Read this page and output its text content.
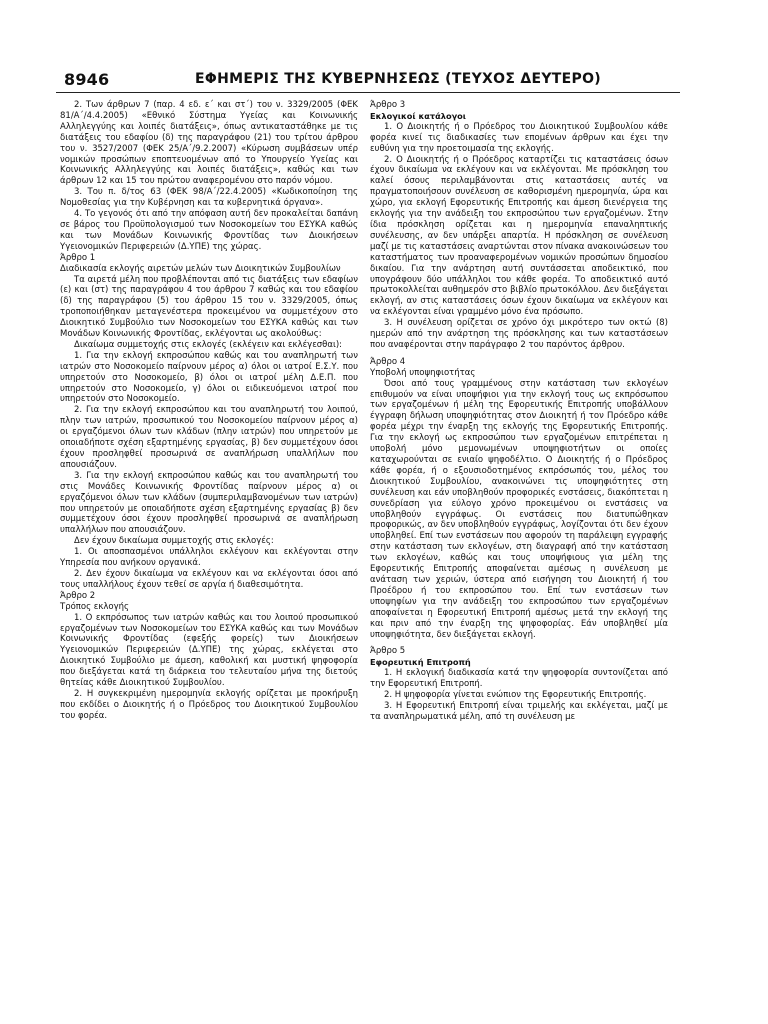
8946	ΕΦΗΜΕΡΙΣ ΤΗΣ ΚΥΒΕΡΝΗΣΕΩΣ (ΤΕΥΧΟΣ ΔΕΥΤΕΡΟ)

2. Των άρθρων 7 (παρ. 4 εδ. ε΄ και στ΄) του ν. 3329/2005 (ΦΕΚ 81/Α΄/4.4.2005) «Εθνικό Σύστημα Υγείας και Κοινωνικής Αλληλεγγύης και λοιπές διατάξεις», όπως αντικαταστάθηκε με τις διατάξεις του εδαφίου (δ) της παραγράφου (21) του τρίτου άρθρου του ν. 3527/2007 (ΦΕΚ 25/Α΄/9.2.2007) «Κύρωση συμβάσεων υπέρ νομικών προσώπων εποπτευομένων από το Υπουργείο Υγείας και Κοινωνικής Αλληλεγγύης και λοιπές διατάξεις», καθώς και των άρθρων 12 και 15 του πρώτου αναφερομένου στο παρόν νόμου.

3. Του π. δ/τος 63 (ΦΕΚ 98/Α΄/22.4.2005) «Κωδικοποίηση της Νομοθεσίας για την Κυβέρνηση και τα κυβερνητικά όργανα».

4. Το γεγονός ότι από την απόφαση αυτή δεν προκαλείται δαπάνη σε βάρος του Προϋπολογισμού των Νοσοκομείων του ΕΣΥΚΑ καθώς και των Μονάδων Κοινωνικής Φροντίδας των Διοικήσεων Υγειονομικών Περιφερειών (Δ.ΥΠΕ) της χώρας.

Άρθρο 1

Διαδικασία εκλογής αιρετών μελών των Διοικητικών Συμβουλίων

Τα αιρετά μέλη που προβλέπονται από τις διατάξεις των εδαφίων (ε) και (στ) της παραγράφου 4 του άρθρου 7 καθώς και του εδαφίου (δ) της παραγράφου (5) του άρθρου 15 του ν. 3329/2005, όπως τροποποιήθηκαν μεταγενέστερα προκειμένου να συμμετέχουν στο Διοικητικό Συμβούλιο των Νοσοκομείων του ΕΣΥΚΑ καθώς και των Μονάδων Κοινωνικής Φροντίδας, εκλέγονται ως ακολούθως:

Δικαίωμα συμμετοχής στις εκλογές (εκλέγειν και εκλέγεσθαι):

1. Για την εκλογή εκπροσώπου καθώς και του αναπληρωτή των ιατρών στο Νοσοκομείο παίρνουν μέρος α) όλοι οι ιατροί Ε.Σ.Υ. που υπηρετούν στο Νοσοκομείο, β) όλοι οι ιατροί μέλη Δ.Ε.Π. που υπηρετούν στο Νοσοκομείο, γ) όλοι οι ειδικευόμενοι ιατροί που υπηρετούν στο Νοσοκομείο.

2. Για την εκλογή εκπροσώπου και του αναπληρωτή του λοιπού, πλην των ιατρών, προσωπικού του Νοσοκομείου παίρνουν μέρος α) οι εργαζόμενοι όλων των κλάδων (πλην ιατρών) που υπηρετούν με οποιαδήποτε σχέση εξαρτημένης εργασίας, β) δεν συμμετέχουν όσοι έχουν προσληφθεί προσωρινά σε αναπλήρωση υπαλλήλων που απουσιάζουν.

3. Για την εκλογή εκπροσώπου καθώς και του αναπληρωτή του στις Μονάδες Κοινωνικής Φροντίδας παίρνουν μέρος α) οι εργαζόμενοι όλων των κλάδων (συμπεριλαμβανομένων των ιατρών) που υπηρετούν με οποιαδήποτε σχέση εξαρτημένης εργασίας β) δεν συμμετέχουν όσοι έχουν προσληφθεί προσωρινά σε αναπλήρωση υπαλλήλων που απουσιάζουν.

Δεν έχουν δικαίωμα συμμετοχής στις εκλογές:

1. Οι αποσπασμένοι υπάλληλοι εκλέγουν και εκλέγονται στην Υπηρεσία που ανήκουν οργανικά.

2. Δεν έχουν δικαίωμα να εκλέγουν και να εκλέγονται όσοι από τους υπαλλήλους έχουν τεθεί σε αργία ή διαθεσιμότητα.

Άρθρο 2

Τρόπος εκλογής

1. Ο εκπρόσωπος των ιατρών καθώς και του λοιπού προσωπικού εργαζομένων των Νοσοκομείων του ΕΣΥΚΑ καθώς και των Μονάδων Κοινωνικής Φροντίδας (εφεξής φορείς) των Διοικήσεων Υγειονομικών Περιφερειών (Δ.ΥΠΕ) της χώρας, εκλέγεται στο Διοικητικό Συμβούλιο με άμεση, καθολική και μυστική ψηφοφορία που διεξάγεται κατά τη διάρκεια του τελευταίου μήνα της διετούς θητείας κάθε Διοικητικού Συμβουλίου.

2. Η συγκεκριμένη ημερομηνία εκλογής ορίζεται με προκήρυξη που εκδίδει ο Διοικητής ή ο Πρόεδρος του Διοικητικού Συμβουλίου του φορέα.

Άρθρο 3

Εκλογικοί κατάλογοι

1. Ο Διοικητής ή ο Πρόεδρος του Διοικητικού Συμβουλίου κάθε φορέα κινεί τις διαδικασίες των επομένων άρθρων και έχει την ευθύνη για την προετοιμασία της εκλογής.

2. Ο Διοικητής ή ο Πρόεδρος καταρτίζει τις καταστάσεις όσων έχουν δικαίωμα να εκλέγουν και να εκλέγονται. Με πρόσκληση του καλεί όσους περιλαμβάνονται στις καταστάσεις αυτές να πραγματοποιήσουν συνέλευση σε καθορισμένη ημερομηνία, ώρα και χώρο, για εκλογή Εφορευτικής Επιτροπής και άμεση διενέργεια της εκλογής για την ανάδειξη του εκπροσώπου των εργαζομένων. Στην ίδια πρόσκληση ορίζεται και η ημερομηνία επαναληπτικής συνέλευσης, αν δεν υπάρξει απαρτία. Η πρόσκληση σε συνέλευση μαζί με τις καταστάσεις αναρτώνται στον πίνακα ανακοινώσεων του καταστήματος των προαναφερομένων νομικών προσώπων δημοσίου δικαίου. Για την ανάρτηση αυτή συντάσσεται αποδεικτικό, που υπογράφουν δύο υπάλληλοι του κάθε φορέα. Το αποδεικτικό αυτό πρωτοκολλείται αυθημερόν στο βιβλίο πρωτοκόλλου. Δεν διεξάγεται εκλογή, αν στις καταστάσεις όσων έχουν δικαίωμα να εκλέγουν και να εκλέγονται είναι γραμμένο μόνο ένα πρόσωπο.

3. Η συνέλευση ορίζεται σε χρόνο όχι μικρότερο των οκτώ (8) ημερών από την ανάρτηση της πρόσκλησης και των καταστάσεων που αναφέρονται στην παράγραφο 2 του παρόντος άρθρου.

Άρθρο 4

Υποβολή υποψηφιοτήτας

Όσοι από τους γραμμένους στην κατάσταση των εκλογέων επιθυμούν να είναι υποψήφιοι για την εκλογή τους ως εκπρόσωπου των εργαζομένων ή μέλη της Εφορευτικής Επιτροπής υποβάλλουν έγγραφη δήλωση υποψηφιότητας στον Διοικητή ή τον Πρόεδρο κάθε φορέα μέχρι την έναρξη της εκλογής της Εφορευτικής Επιτροπής. Για την εκλογή ως εκπροσώπου των εργαζομένων επιτρέπεται η υποβολή μόνο μεμονωμένων υποψηφιοτήτων οι οποίες καταχωρούνται σε ενιαίο ψηφοδέλτιο. Ο Διοικητής ή ο Πρόεδρος κάθε φορέα, ή ο εξουσιοδοτημένος εκπρόσωπός του, μέλος του Διοικητικού Συμβουλίου, ανακοινώνει τις υποψηφιότητες στη συνέλευση και εάν υποβληθούν προφορικές ενστάσεις, διακόπτεται η συνεδρίαση για εύλογο χρόνο προκειμένου οι ενστάσεις να υποβληθούν εγγράφως. Οι ενστάσεις που διατυπώθηκαν προφορικώς, αν δεν υποβληθούν εγγράφως, λογίζονται ότι δεν έχουν υποβληθεί. Επί των ενστάσεων που αφορούν τη παράλειψη εγγραφής στην κατάσταση των εκλογέων, στη διαγραφή από την κατάσταση των εκλογέων, καθώς και τους υποψήφιους για μέλη της Εφορευτικής Επιτροπής αποφαίνεται αμέσως η συνέλευση με ανάταση των χεριών, ύστερα από εισήγηση του Διοικητή ή του Προέδρου ή του εκπροσώπου του. Επί των ενστάσεων των υποψηφίων για την ανάδειξη του εκπροσώπου των εργαζομένων αποφαίνεται η Εφορευτική Επιτροπή αμέσως μετά την εκλογή της και πριν από την έναρξη της ψηφοφορίας. Εάν υποβληθεί μία υποψηφιότητα, δεν διεξάγεται εκλογή.

Άρθρο 5

Εφορευτική Επιτροπή

1. Η εκλογική διαδικασία κατά την ψηφοφορία συντονίζεται από την Εφορευτική Επιτροπή.

2. Η ψηφοφορία γίνεται ενώπιον της Εφορευτικής Επιτροπής.

3. Η Εφορευτική Επιτροπή είναι τριμελής και εκλέγεται, μαζί με τα αναπληρωματικά μέλη, από τη συνέλευση με
